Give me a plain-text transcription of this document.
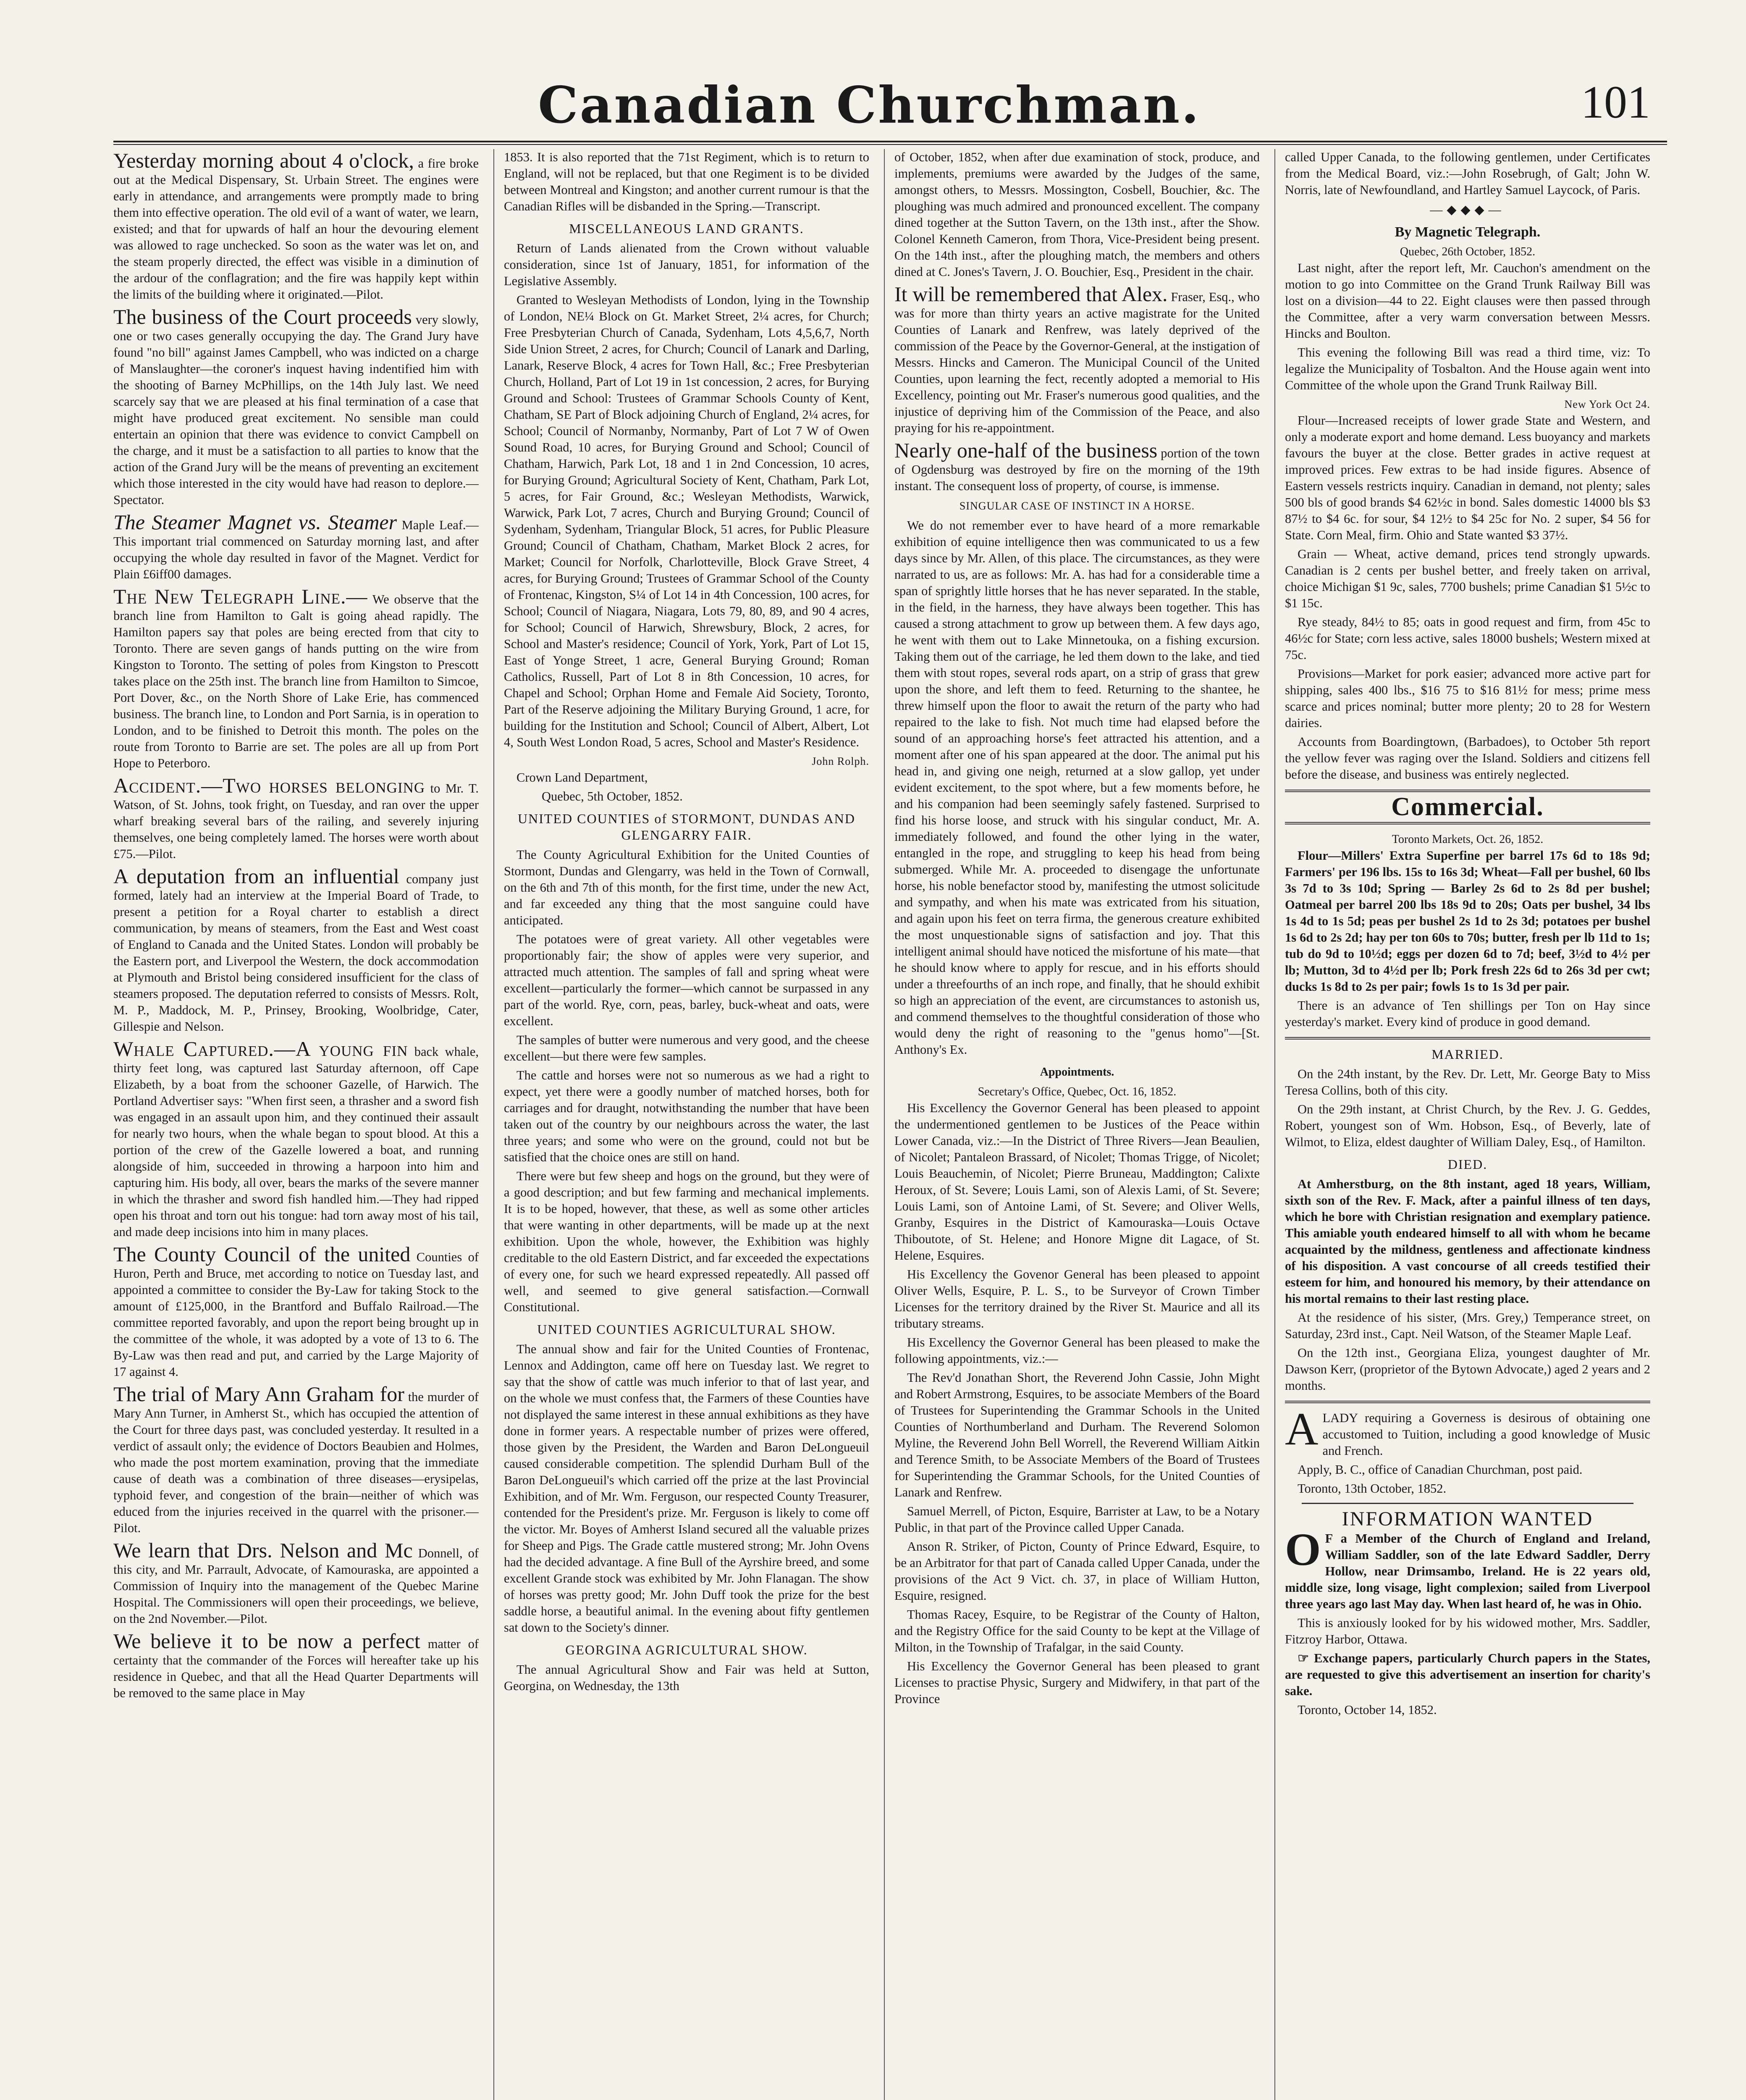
Canadian Churchman.	101

Yesterday morning about 4 o'clock, a fire broke out at the Medical Dispensary, St. Urbain Street. The engines were early in attendance, and arrangements were promptly made to bring them into effective operation. The old evil of a want of water, we learn, existed; and that for upwards of half an hour the devouring element was allowed to rage unchecked. So soon as the water was let on, and the steam properly directed, the effect was visible in a diminution of the ardour of the conflagration; and the fire was happily kept within the limits of the building where it originated.—Pilot.

The business of the Court proceeds very slowly, one or two cases generally occupying the day. The Grand Jury have found "no bill" against James Campbell, who was indicted on a charge of Manslaughter—the coroner's inquest having indentified him with the shooting of Barney McPhillips, on the 14th July last. We need scarcely say that we are pleased at his final termination of a case that might have produced great excitement. No sensible man could entertain an opinion that there was evidence to convict Campbell on the charge, and it must be a satisfaction to all parties to know that the action of the Grand Jury will be the means of preventing an excitement which those interested in the city would have had reason to deplore.—Spectator.

The Steamer Magnet vs. Steamer Maple Leaf.—This important trial commenced on Saturday morning last, and after occupying the whole day resulted in favor of the Magnet. Verdict for Plain £6iff00 damages.

The New Telegraph Line.— We observe that the branch line from Hamilton to Galt is going ahead rapidly. The Hamilton papers say that poles are being erected from that city to Toronto. There are seven gangs of hands putting on the wire from Kingston to Toronto. The setting of poles from Kingston to Prescott takes place on the 25th inst. The branch line from Hamilton to Simcoe, Port Dover, &c., on the North Shore of Lake Erie, has commenced business. The branch line, to London and Port Sarnia, is in operation to London, and to be finished to Detroit this month. The poles on the route from Toronto to Barrie are set. The poles are all up from Port Hope to Peterboro.

Accident.—Two horses belonging to Mr. T. Watson, of St. Johns, took fright, on Tuesday, and ran over the upper wharf breaking several bars of the railing, and severely injuring themselves, one being completely lamed. The horses were worth about £75.—Pilot.

A deputation from an influential company just formed, lately had an interview at the Imperial Board of Trade, to present a petition for a Royal charter to establish a direct communication, by means of steamers, from the East and West coast of England to Canada and the United States. London will probably be the Eastern port, and Liverpool the Western, the dock accommodation at Plymouth and Bristol being considered insufficient for the class of steamers proposed. The deputation referred to consists of Messrs. Rolt, M. P., Maddock, M. P., Prinsey, Brooking, Woolbridge, Cater, Gillespie and Nelson.

Whale Captured.—A young fin back whale, thirty feet long, was captured last Saturday afternoon, off Cape Elizabeth, by a boat from the schooner Gazelle, of Harwich. The Portland Advertiser says: "When first seen, a thrasher and a sword fish was engaged in an assault upon him, and they continued their assault for nearly two hours, when the whale began to spout blood. At this a portion of the crew of the Gazelle lowered a boat, and running alongside of him, succeeded in throwing a harpoon into him and capturing him. His body, all over, bears the marks of the severe manner in which the thrasher and sword fish handled him.—They had ripped open his throat and torn out his tongue: had torn away most of his tail, and made deep incisions into him in many places.

The County Council of the united Counties of Huron, Perth and Bruce, met according to notice on Tuesday last, and appointed a committee to consider the By-Law for taking Stock to the amount of £125,000, in the Brantford and Buffalo Railroad.—The committee reported favorably, and upon the report being brought up in the committee of the whole, it was adopted by a vote of 13 to 6. The By-Law was then read and put, and carried by the Large Majority of 17 against 4.

The trial of Mary Ann Graham for the murder of Mary Ann Turner, in Amherst St., which has occupied the attention of the Court for three days past, was concluded yesterday. It resulted in a verdict of assault only; the evidence of Doctors Beaubien and Holmes, who made the post mortem examination, proving that the immediate cause of death was a combination of three diseases—erysipelas, typhoid fever, and congestion of the brain—neither of which was educed from the injuries received in the quarrel with the prisoner.—Pilot.

We learn that Drs. Nelson and Mc Donnell, of this city, and Mr. Parrault, Advocate, of Kamouraska, are appointed a Commission of Inquiry into the management of the Quebec Marine Hospital. The Commissioners will open their proceedings, we believe, on the 2nd November.—Pilot.

We believe it to be now a perfect matter of certainty that the commander of the Forces will hereafter take up his residence in Quebec, and that all the Head Quarter Departments will be removed to the same place in May

1853. It is also reported that the 71st Regiment, which is to return to England, will not be replaced, but that one Regiment is to be divided between Montreal and Kingston; and another current rumour is that the Canadian Rifles will be disbanded in the Spring.—Transcript.

MISCELLANEOUS LAND GRANTS.

Return of Lands alienated from the Crown without valuable consideration, since 1st of January, 1851, for information of the Legislative Assembly.

Granted to Wesleyan Methodists of London, lying in the Township of London, NE¼ Block on Gt. Market Street, 2¼ acres, for Church; Free Presbyterian Church of Canada, Sydenham, Lots 4,5,6,7, North Side Union Street, 2 acres, for Church; Council of Lanark and Darling, Lanark, Reserve Block, 4 acres for Town Hall, &c.; Free Presbyterian Church, Holland, Part of Lot 19 in 1st concession, 2 acres, for Burying Ground and School: Trustees of Grammar Schools County of Kent, Chatham, SE Part of Block adjoining Church of England, 2¼ acres, for School; Council of Normanby, Normanby, Part of Lot 7 W of Owen Sound Road, 10 acres, for Burying Ground and School; Council of Chatham, Harwich, Park Lot, 18 and 1 in 2nd Concession, 10 acres, for Burying Ground; Agricultural Society of Kent, Chatham, Park Lot, 5 acres, for Fair Ground, &c.; Wesleyan Methodists, Warwick, Warwick, Park Lot, 7 acres, Church and Burying Ground; Council of Sydenham, Sydenham, Triangular Block, 51 acres, for Public Pleasure Ground; Council of Chatham, Chatham, Market Block 2 acres, for Market; Council for Norfolk, Charlotteville, Block Grave Street, 4 acres, for Burying Ground; Trustees of Grammar School of the County of Frontenac, Kingston, S¼ of Lot 14 in 4th Concession, 100 acres, for School; Council of Niagara, Niagara, Lots 79, 80, 89, and 90 4 acres, for School; Council of Harwich, Shrewsbury, Block, 2 acres, for School and Master's residence; Council of York, York, Part of Lot 15, East of Yonge Street, 1 acre, General Burying Ground; Roman Catholics, Russell, Part of Lot 8 in 8th Concession, 10 acres, for Chapel and School; Orphan Home and Female Aid Society, Toronto, Part of the Reserve adjoining the Military Burying Ground, 1 acre, for building for the Institution and School; Council of Albert, Albert, Lot 4, South West London Road, 5 acres, School and Master's Residence.

John Rolph.

Crown Land Department,

Quebec, 5th October, 1852.

UNITED COUNTIES of STORMONT, DUNDAS AND GLENGARRY FAIR.

The County Agricultural Exhibition for the United Counties of Stormont, Dundas and Glengarry, was held in the Town of Cornwall, on the 6th and 7th of this month, for the first time, under the new Act, and far exceeded any thing that the most sanguine could have anticipated.

The potatoes were of great variety. All other vegetables were proportionably fair; the show of apples were very superior, and attracted much attention. The samples of fall and spring wheat were excellent—particularly the former—which cannot be surpassed in any part of the world. Rye, corn, peas, barley, buck-wheat and oats, were excellent.

The samples of butter were numerous and very good, and the cheese excellent—but there were few samples.

The cattle and horses were not so numerous as we had a right to expect, yet there were a goodly number of matched horses, both for carriages and for draught, notwithstanding the number that have been taken out of the country by our neighbours across the water, the last three years; and some who were on the ground, could not but be satisfied that the choice ones are still on hand.

There were but few sheep and hogs on the ground, but they were of a good description; and but few farming and mechanical implements. It is to be hoped, however, that these, as well as some other articles that were wanting in other departments, will be made up at the next exhibition. Upon the whole, however, the Exhibition was highly creditable to the old Eastern District, and far exceeded the expectations of every one, for such we heard expressed repeatedly. All passed off well, and seemed to give general satisfaction.—Cornwall Constitutional.

UNITED COUNTIES AGRICULTURAL SHOW.

The annual show and fair for the United Counties of Frontenac, Lennox and Addington, came off here on Tuesday last. We regret to say that the show of cattle was much inferior to that of last year, and on the whole we must confess that, the Farmers of these Counties have not displayed the same interest in these annual exhibitions as they have done in former years. A respectable number of prizes were offered, those given by the President, the Warden and Baron DeLongueuil caused considerable competition. The splendid Durham Bull of the Baron DeLongueuil's which carried off the prize at the last Provincial Exhibition, and of Mr. Wm. Ferguson, our respected County Treasurer, contended for the President's prize. Mr. Ferguson is likely to come off the victor. Mr. Boyes of Amherst Island secured all the valuable prizes for Sheep and Pigs. The Grade cattle mustered strong; Mr. John Ovens had the decided advantage. A fine Bull of the Ayrshire breed, and some excellent Grande stock was exhibited by Mr. John Flanagan. The show of horses was pretty good; Mr. John Duff took the prize for the best saddle horse, a beautiful animal. In the evening about fifty gentlemen sat down to the Society's dinner.

GEORGINA AGRICULTURAL SHOW.

The annual Agricultural Show and Fair was held at Sutton, Georgina, on Wednesday, the 13th

of October, 1852, when after due examination of stock, produce, and implements, premiums were awarded by the Judges of the same, amongst others, to Messrs. Mossington, Cosbell, Bouchier, &c. The ploughing was much admired and pronounced excellent. The company dined together at the Sutton Tavern, on the 13th inst., after the Show. Colonel Kenneth Cameron, from Thora, Vice-President being present. On the 14th inst., after the ploughing match, the members and others dined at C. Jones's Tavern, J. O. Bouchier, Esq., President in the chair.

It will be remembered that Alex. Fraser, Esq., who was for more than thirty years an active magistrate for the United Counties of Lanark and Renfrew, was lately deprived of the commission of the Peace by the Governor-General, at the instigation of Messrs. Hincks and Cameron. The Municipal Council of the United Counties, upon learning the fect, recently adopted a memorial to His Excellency, pointing out Mr. Fraser's numerous good qualities, and the injustice of depriving him of the Commission of the Peace, and also praying for his re-appointment.

Nearly one-half of the business portion of the town of Ogdensburg was destroyed by fire on the morning of the 19th instant. The consequent loss of property, of course, is immense.

SINGULAR CASE OF INSTINCT IN A HORSE.

We do not remember ever to have heard of a more remarkable exhibition of equine intelligence then was communicated to us a few days since by Mr. Allen, of this place. The circumstances, as they were narrated to us, are as follows: Mr. A. has had for a considerable time a span of sprightly little horses that he has never separated. In the stable, in the field, in the harness, they have always been together. This has caused a strong attachment to grow up between them. A few days ago, he went with them out to Lake Minnetouka, on a fishing excursion. Taking them out of the carriage, he led them down to the lake, and tied them with stout ropes, several rods apart, on a strip of grass that grew upon the shore, and left them to feed. Returning to the shantee, he threw himself upon the floor to await the return of the party who had repaired to the lake to fish. Not much time had elapsed before the sound of an approaching horse's feet attracted his attention, and a moment after one of his span appeared at the door. The animal put his head in, and giving one neigh, returned at a slow gallop, yet under evident excitement, to the spot where, but a few moments before, he and his companion had been seemingly safely fastened. Surprised to find his horse loose, and struck with his singular conduct, Mr. A. immediately followed, and found the other lying in the water, entangled in the rope, and struggling to keep his head from being submerged. While Mr. A. proceeded to disengage the unfortunate horse, his noble benefactor stood by, manifesting the utmost solicitude and sympathy, and when his mate was extricated from his situation, and again upon his feet on terra firma, the generous creature exhibited the most unquestionable signs of satisfaction and joy. That this intelligent animal should have noticed the misfortune of his mate—that he should know where to apply for rescue, and in his efforts should under a threefourths of an inch rope, and finally, that he should exhibit so high an appreciation of the event, are circumstances to astonish us, and commend themselves to the thoughtful consideration of those who would deny the right of reasoning to the "genus homo"—[St. Anthony's Ex.

Appointments.
Secretary's Office, Quebec, Oct. 16, 1852.

His Excellency the Governor General has been pleased to appoint the undermentioned gentlemen to be Justices of the Peace within Lower Canada, viz.:—In the District of Three Rivers—Jean Beaulien, of Nicolet; Pantaleon Brassard, of Nicolet; Thomas Trigge, of Nicolet; Louis Beauchemin, of Nicolet; Pierre Bruneau, Maddington; Calixte Heroux, of St. Severe; Louis Lami, son of Alexis Lami, of St. Severe; Louis Lami, son of Antoine Lami, of St. Severe; and Oliver Wells, Granby, Esquires in the District of Kamouraska—Louis Octave Thiboutote, of St. Helene; and Honore Migne dit Lagace, of St. Helene, Esquires.

His Excellency the Govenor General has been pleased to appoint Oliver Wells, Esquire, P. L. S., to be Surveyor of Crown Timber Licenses for the territory drained by the River St. Maurice and all its tributary streams.

His Excellency the Governor General has been pleased to make the following appointments, viz.:—

The Rev'd Jonathan Short, the Reverend John Cassie, John Might and Robert Armstrong, Esquires, to be associate Members of the Board of Trustees for Superintending the Grammar Schools in the United Counties of Northumberland and Durham. The Reverend Solomon Myline, the Reverend John Bell Worrell, the Reverend William Aitkin and Terence Smith, to be Associate Members of the Board of Trustees for Superintending the Grammar Schools, for the United Counties of Lanark and Renfrew.

Samuel Merrell, of Picton, Esquire, Barrister at Law, to be a Notary Public, in that part of the Province called Upper Canada.

Anson R. Striker, of Picton, County of Prince Edward, Esquire, to be an Arbitrator for that part of Canada called Upper Canada, under the provisions of the Act 9 Vict. ch. 37, in place of William Hutton, Esquire, resigned.

Thomas Racey, Esquire, to be Registrar of the County of Halton, and the Registry Office for the said County to be kept at the Village of Milton, in the Township of Trafalgar, in the said County.

His Excellency the Governor General has been pleased to grant Licenses to practise Physic, Surgery and Midwifery, in that part of the Province

called Upper Canada, to the following gentlemen, under Certificates from the Medical Board, viz.:—John Rosebrugh, of Galt; John W. Norris, late of Newfoundland, and Hartley Samuel Laycock, of Paris.

—◆◆◆—
By Magnetic Telegraph.
Quebec, 26th October, 1852.

Last night, after the report left, Mr. Cauchon's amendment on the motion to go into Committee on the Grand Trunk Railway Bill was lost on a division—44 to 22. Eight clauses were then passed through the Committee, after a very warm conversation between Messrs. Hincks and Boulton.

This evening the following Bill was read a third time, viz: To legalize the Municipality of Tosbalton. And the House again went into Committee of the whole upon the Grand Trunk Railway Bill.

New York Oct 24.

Flour—Increased receipts of lower grade State and Western, and only a moderate export and home demand. Less buoyancy and markets favours the buyer at the close. Better grades in active request at improved prices. Few extras to be had inside figures. Absence of Eastern vessels restricts inquiry. Canadian in demand, not plenty; sales 500 bls of good brands $4 62½c in bond. Sales domestic 14000 bls $3 87½ to $4 6c. for sour, $4 12½ to $4 25c for No. 2 super, $4 56 for State. Corn Meal, firm. Ohio and State wanted $3 37½.

Grain — Wheat, active demand, prices tend strongly upwards. Canadian is 2 cents per bushel better, and freely taken on arrival, choice Michigan $1 9c, sales, 7700 bushels; prime Canadian $1 5½c to $1 15c.

Rye steady, 84½ to 85; oats in good request and firm, from 45c to 46½c for State; corn less active, sales 18000 bushels; Western mixed at 75c.

Provisions—Market for pork easier; advanced more active part for shipping, sales 400 lbs., $16 75 to $16 81½ for mess; prime mess scarce and prices nominal; butter more plenty; 20 to 28 for Western dairies.

Accounts from Boardingtown, (Barbadoes), to October 5th report the yellow fever was raging over the Island. Soldiers and citizens fell before the disease, and business was entirely neglected.

Commercial.
Toronto Markets, Oct. 26, 1852.

Flour—Millers' Extra Superfine per barrel 17s 6d to 18s 9d; Farmers' per 196 lbs. 15s to 16s 3d; Wheat—Fall per bushel, 60 lbs 3s 7d to 3s 10d; Spring — Barley 2s 6d to 2s 8d per bushel; Oatmeal per barrel 200 lbs 18s 9d to 20s; Oats per bushel, 34 lbs 1s 4d to 1s 5d; peas per bushel 2s 1d to 2s 3d; potatoes per bushel 1s 6d to 2s 2d; hay per ton 60s to 70s; butter, fresh per lb 11d to 1s; tub do 9d to 10½d; eggs per dozen 6d to 7d; beef, 3½d to 4½ per lb; Mutton, 3d to 4½d per lb; Pork fresh 22s 6d to 26s 3d per cwt; ducks 1s 8d to 2s per pair; fowls 1s to 1s 3d per pair.

There is an advance of Ten shillings per Ton on Hay since yesterday's market. Every kind of produce in good demand.

MARRIED.

On the 24th instant, by the Rev. Dr. Lett, Mr. George Baty to Miss Teresa Collins, both of this city.

On the 29th instant, at Christ Church, by the Rev. J. G. Geddes, Robert, youngest son of Wm. Hobson, Esq., of Beverly, late of Wilmot, to Eliza, eldest daughter of William Daley, Esq., of Hamilton.

DIED.

At Amherstburg, on the 8th instant, aged 18 years, William, sixth son of the Rev. F. Mack, after a painful illness of ten days, which he bore with Christian resignation and exemplary patience. This amiable youth endeared himself to all with whom he became acquainted by the mildness, gentleness and affectionate kindness of his disposition. A vast concourse of all creeds testified their esteem for him, and honoured his memory, by their attendance on his mortal remains to their last resting place.

At the residence of his sister, (Mrs. Grey,) Temperance street, on Saturday, 23rd inst., Capt. Neil Watson, of the Steamer Maple Leaf.

On the 12th inst., Georgiana Eliza, youngest daughter of Mr. Dawson Kerr, (proprietor of the Bytown Advocate,) aged 2 years and 2 months.

ALADY requiring a Governess is desirous of obtaining one accustomed to Tuition, including a good knowledge of Music and French.

Apply, B. C., office of Canadian Churchman, post paid.

Toronto, 13th October, 1852.

INFORMATION WANTED

O F a Member of the Church of England and Ireland, William Saddler, son of the late Edward Saddler, Derry Hollow, near Drimsambo, Ireland. He is 22 years old, middle size, long visage, light complexion; sailed from Liverpool three years ago last May day. When last heard of, he was in Ohio.

This is anxiously looked for by his widowed mother, Mrs. Saddler, Fitzroy Harbor, Ottawa.

☞ Exchange papers, particularly Church papers in the States, are requested to give this advertisement an insertion for charity's sake.

Toronto, October 14, 1852.
